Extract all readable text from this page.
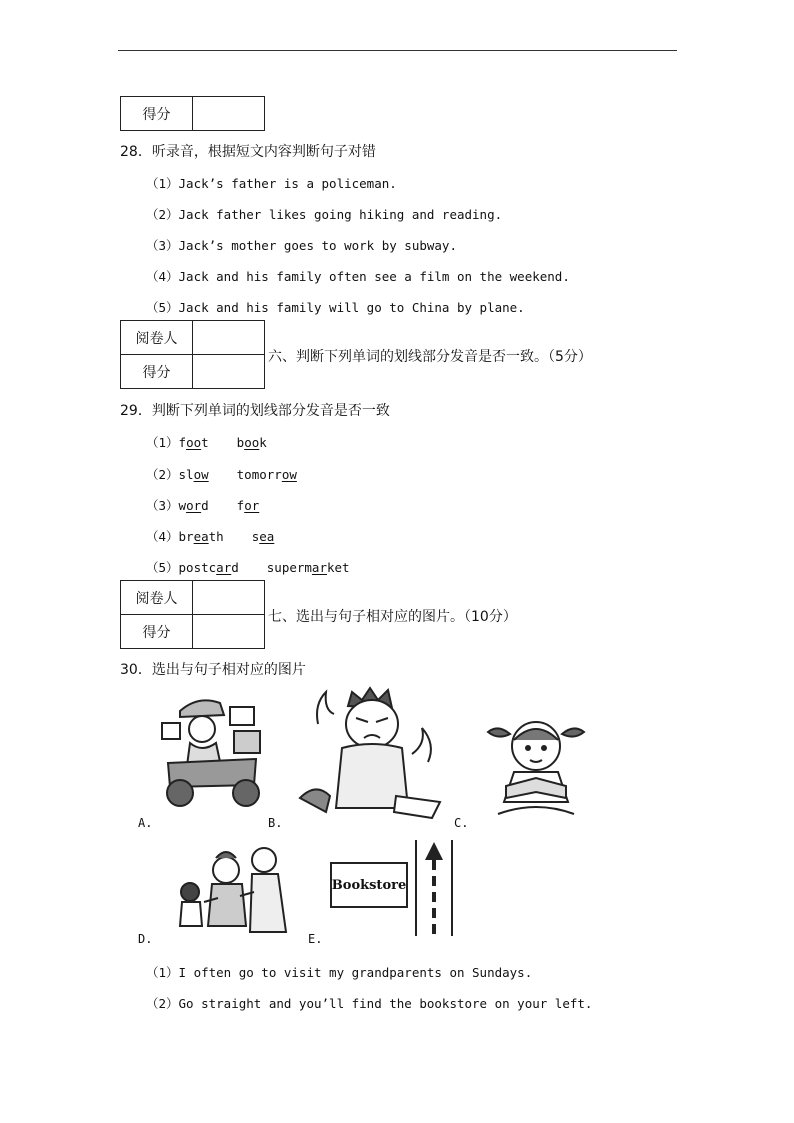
得分	
28．听录音，根据短文内容判断句子对错
（1）Jack’s father is a policeman.
（2）Jack father likes going hiking and reading.
（3）Jack’s mother goes to work by subway.
（4）Jack and his family often see a film on the weekend.
（5）Jack and his family will go to China by plane.
阅卷人	
得分	
六、判断下列单词的划线部分发音是否一致。（5分）
29．判断下列单词的划线部分发音是否一致
（1）foot book
（2）slow tomorrow
（3）word for
（4）breath sea
（5）postcard supermarket
阅卷人	
得分	
七、选出与句子相对应的图片。（10分）
30．选出与句子相对应的图片
A.	B.	C.
D.
Bookstore
E.
（1）I often go to visit my grandparents on Sundays.
（2）Go straight and you’ll find the bookstore on your left.
